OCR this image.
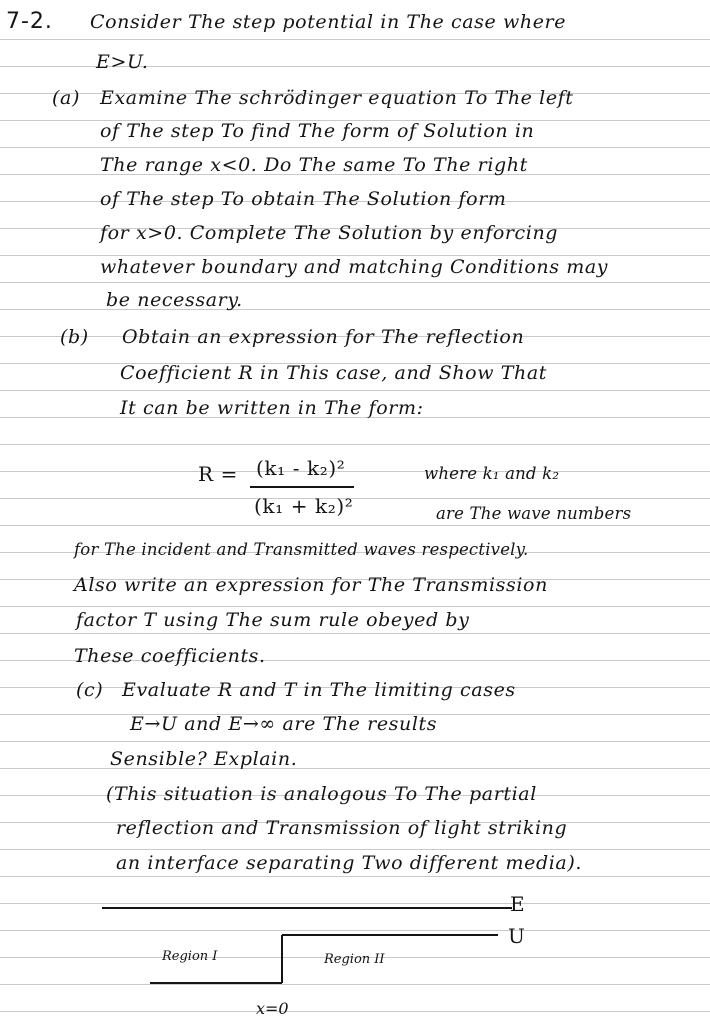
7-2. Consider The step potential in The case where
E>U.
(a) Examine The schrödinger equation To The left
of The step To find The form of Solution in
The range x<0. Do The same To The right
of The step To obtain The Solution form
for x>0. Complete The Solution by enforcing
whatever boundary and matching Conditions may
be necessary.
(b) Obtain an expression for The reflection
Coefficient R in This case, and Show That
It can be written in The form:
R = (k₁ - k₂)²
(k₁ + k₂)²
where k₁ and k₂
are The wave numbers
for The incident and Transmitted waves respectively.
Also write an expression for The Transmission
factor T using The sum rule obeyed by
These coefficients.
(c) Evaluate R and T in The limiting cases
E→U and E→∞ are The results
Sensible? Explain.
(This situation is analogous To The partial
reflection and Transmission of light striking
an interface separating Two different media).
E
U
Region I	Region II
x=0
